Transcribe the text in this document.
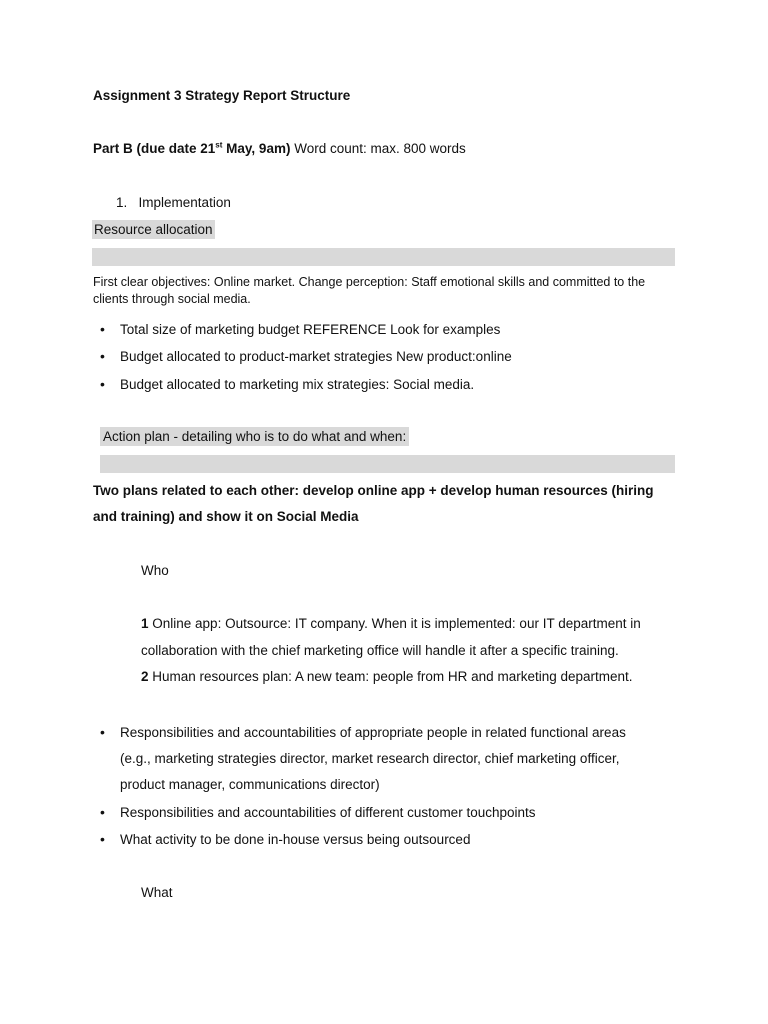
Assignment 3 Strategy Report Structure
Part B (due date 21st May, 9am) Word count: max. 800 words
1. Implementation
Resource allocation
First clear objectives: Online market. Change perception: Staff emotional skills and committed to the
clients through social media.
•Total size of marketing budget REFERENCE Look for examples
•Budget allocated to product-market strategies New product:online
•Budget allocated to marketing mix strategies: Social media.
Action plan - detailing who is to do what and when:
Two plans related to each other: develop online app + develop human resources (hiring
and training) and show it on Social Media
Who
1 Online app: Outsource: IT company. When it is implemented: our IT department in
collaboration with the chief marketing office will handle it after a specific training.
2 Human resources plan: A new team: people from HR and marketing department.
•Responsibilities and accountabilities of appropriate people in related functional areas
(e.g., marketing strategies director, market research director, chief marketing officer,
product manager, communications director)
•Responsibilities and accountabilities of different customer touchpoints
•What activity to be done in-house versus being outsourced
What
